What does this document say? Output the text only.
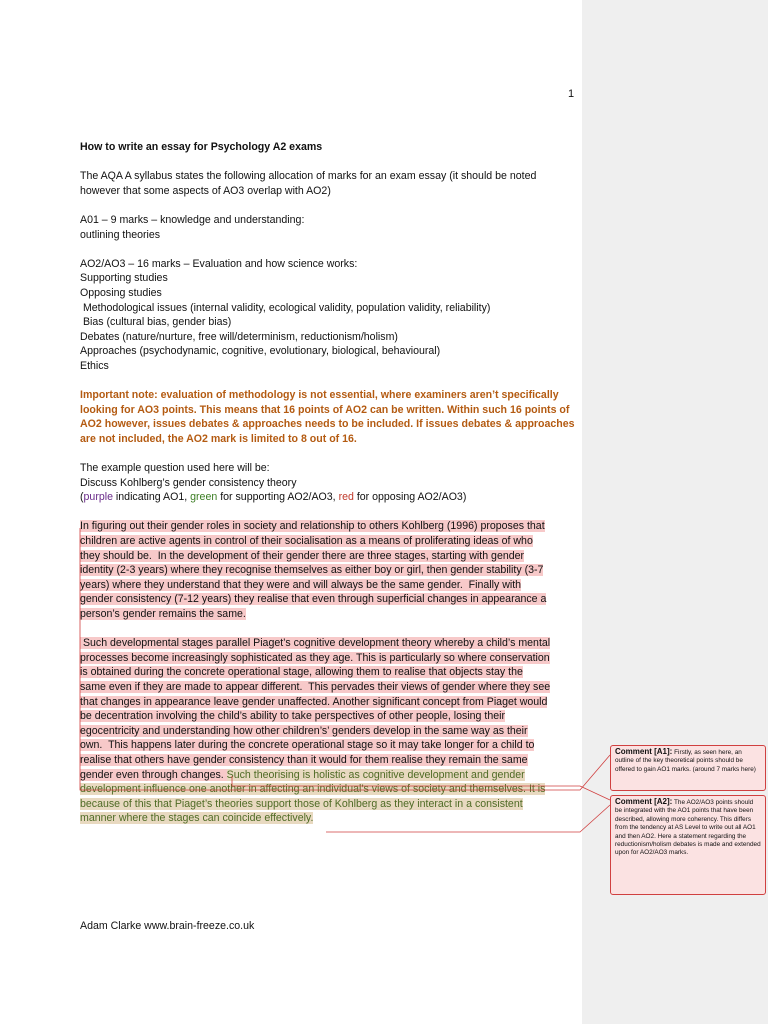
1

How to write an essay for Psychology A2 exams

The AQA A syllabus states the following allocation of marks for an exam essay (it should be noted
however that some aspects of AO3 overlap with AO2)

A01 – 9 marks – knowledge and understanding:
outlining theories

AO2/AO3 – 16 marks – Evaluation and how science works:
Supporting studies
Opposing studies
Methodological issues (internal validity, ecological validity, population validity, reliability)
Bias (cultural bias, gender bias)
Debates (nature/nurture, free will/determinism, reductionism/holism)
Approaches (psychodynamic, cognitive, evolutionary, biological, behavioural)
Ethics

Important note: evaluation of methodology is not essential, where examiners aren’t specifically
looking for AO3 points. This means that 16 points of AO2 can be written. Within such 16 points of
AO2 however, issues debates & approaches needs to be included. If issues debates & approaches
are not included, the AO2 mark is limited to 8 out of 16.

The example question used here will be:
Discuss Kohlberg’s gender consistency theory
(purple indicating AO1, green for supporting AO2/AO3, red for opposing AO2/AO3)

In figuring out their gender roles in society and relationship to others Kohlberg (1996) proposes that
children are active agents in control of their socialisation as a means of proliferating ideas of who
they should be.  In the development of their gender there are three stages, starting with gender
identity (2-3 years) where they recognise themselves as either boy or girl, then gender stability (3-7
years) where they understand that they were and will always be the same gender.  Finally with
gender consistency (7-12 years) they realise that even through superficial changes in appearance a
person’s gender remains the same.

Such developmental stages parallel Piaget’s cognitive development theory whereby a child’s mental
processes become increasingly sophisticated as they age. This is particularly so where conservation
is obtained during the concrete operational stage, allowing them to realise that objects stay the
same even if they are made to appear different.  This pervades their views of gender where they see
that changes in appearance leave gender unaffected. Another significant concept from Piaget would
be decentration involving the child’s ability to take perspectives of other people, losing their
egocentricity and understanding how other children’s’ genders develop in the same way as their
own.  This happens later during the concrete operational stage so it may take longer for a child to
realise that others have gender consistency than it would for them realise they remain the same
gender even through changes. Such theorising is holistic as cognitive development and gender
development influence one another in affecting an individual’s views of society and themselves. It is
because of this that Piaget’s theories support those of Kohlberg as they interact in a consistent
manner where the stages can coincide effectively.

Adam Clarke www.brain-freeze.co.uk
Comment [A1]: Firstly, as seen here, an outline of the key theoretical points should be offered to gain AO1 marks. (around 7 marks here)
Comment [A2]: The AO2/AO3 points should be integrated with the AO1 points that have been described, allowing more coherency. This differs from the tendency at AS Level to write out all AO1 and then AO2. Here a statement regarding the reductionism/holism debates is made and extended upon for AO2/AO3 marks.
